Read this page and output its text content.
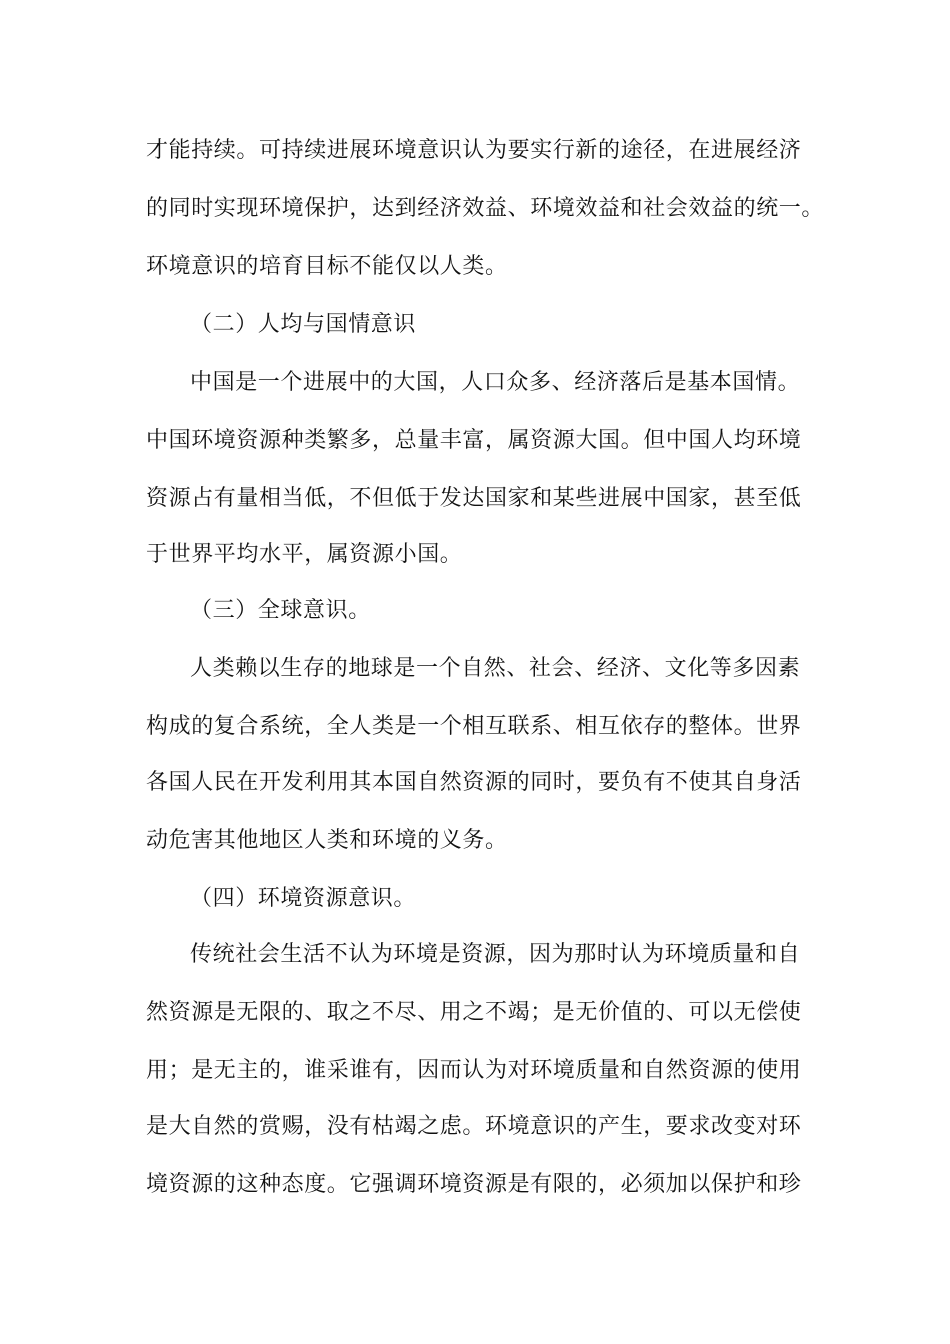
才能持续。可持续进展环境意识认为要实行新的途径，在进展经济
的同时实现环境保护，达到经济效益、环境效益和社会效益的统一。
环境意识的培育目标不能仅以人类。
（二）人均与国情意识
中国是一个进展中的大国，人口众多、经济落后是基本国情。
中国环境资源种类繁多，总量丰富，属资源大国。但中国人均环境
资源占有量相当低，不但低于发达国家和某些进展中国家，甚至低
于世界平均水平，属资源小国。
（三）全球意识。
人类赖以生存的地球是一个自然、社会、经济、文化等多因素
构成的复合系统，全人类是一个相互联系、相互依存的整体。世界
各国人民在开发利用其本国自然资源的同时，要负有不使其自身活
动危害其他地区人类和环境的义务。
（四）环境资源意识。
传统社会生活不认为环境是资源，因为那时认为环境质量和自
然资源是无限的、取之不尽、用之不竭；是无价值的、可以无偿使
用；是无主的，谁采谁有，因而认为对环境质量和自然资源的使用
是大自然的赏赐，没有枯竭之虑。环境意识的产生，要求改变对环
境资源的这种态度。它强调环境资源是有限的，必须加以保护和珍
